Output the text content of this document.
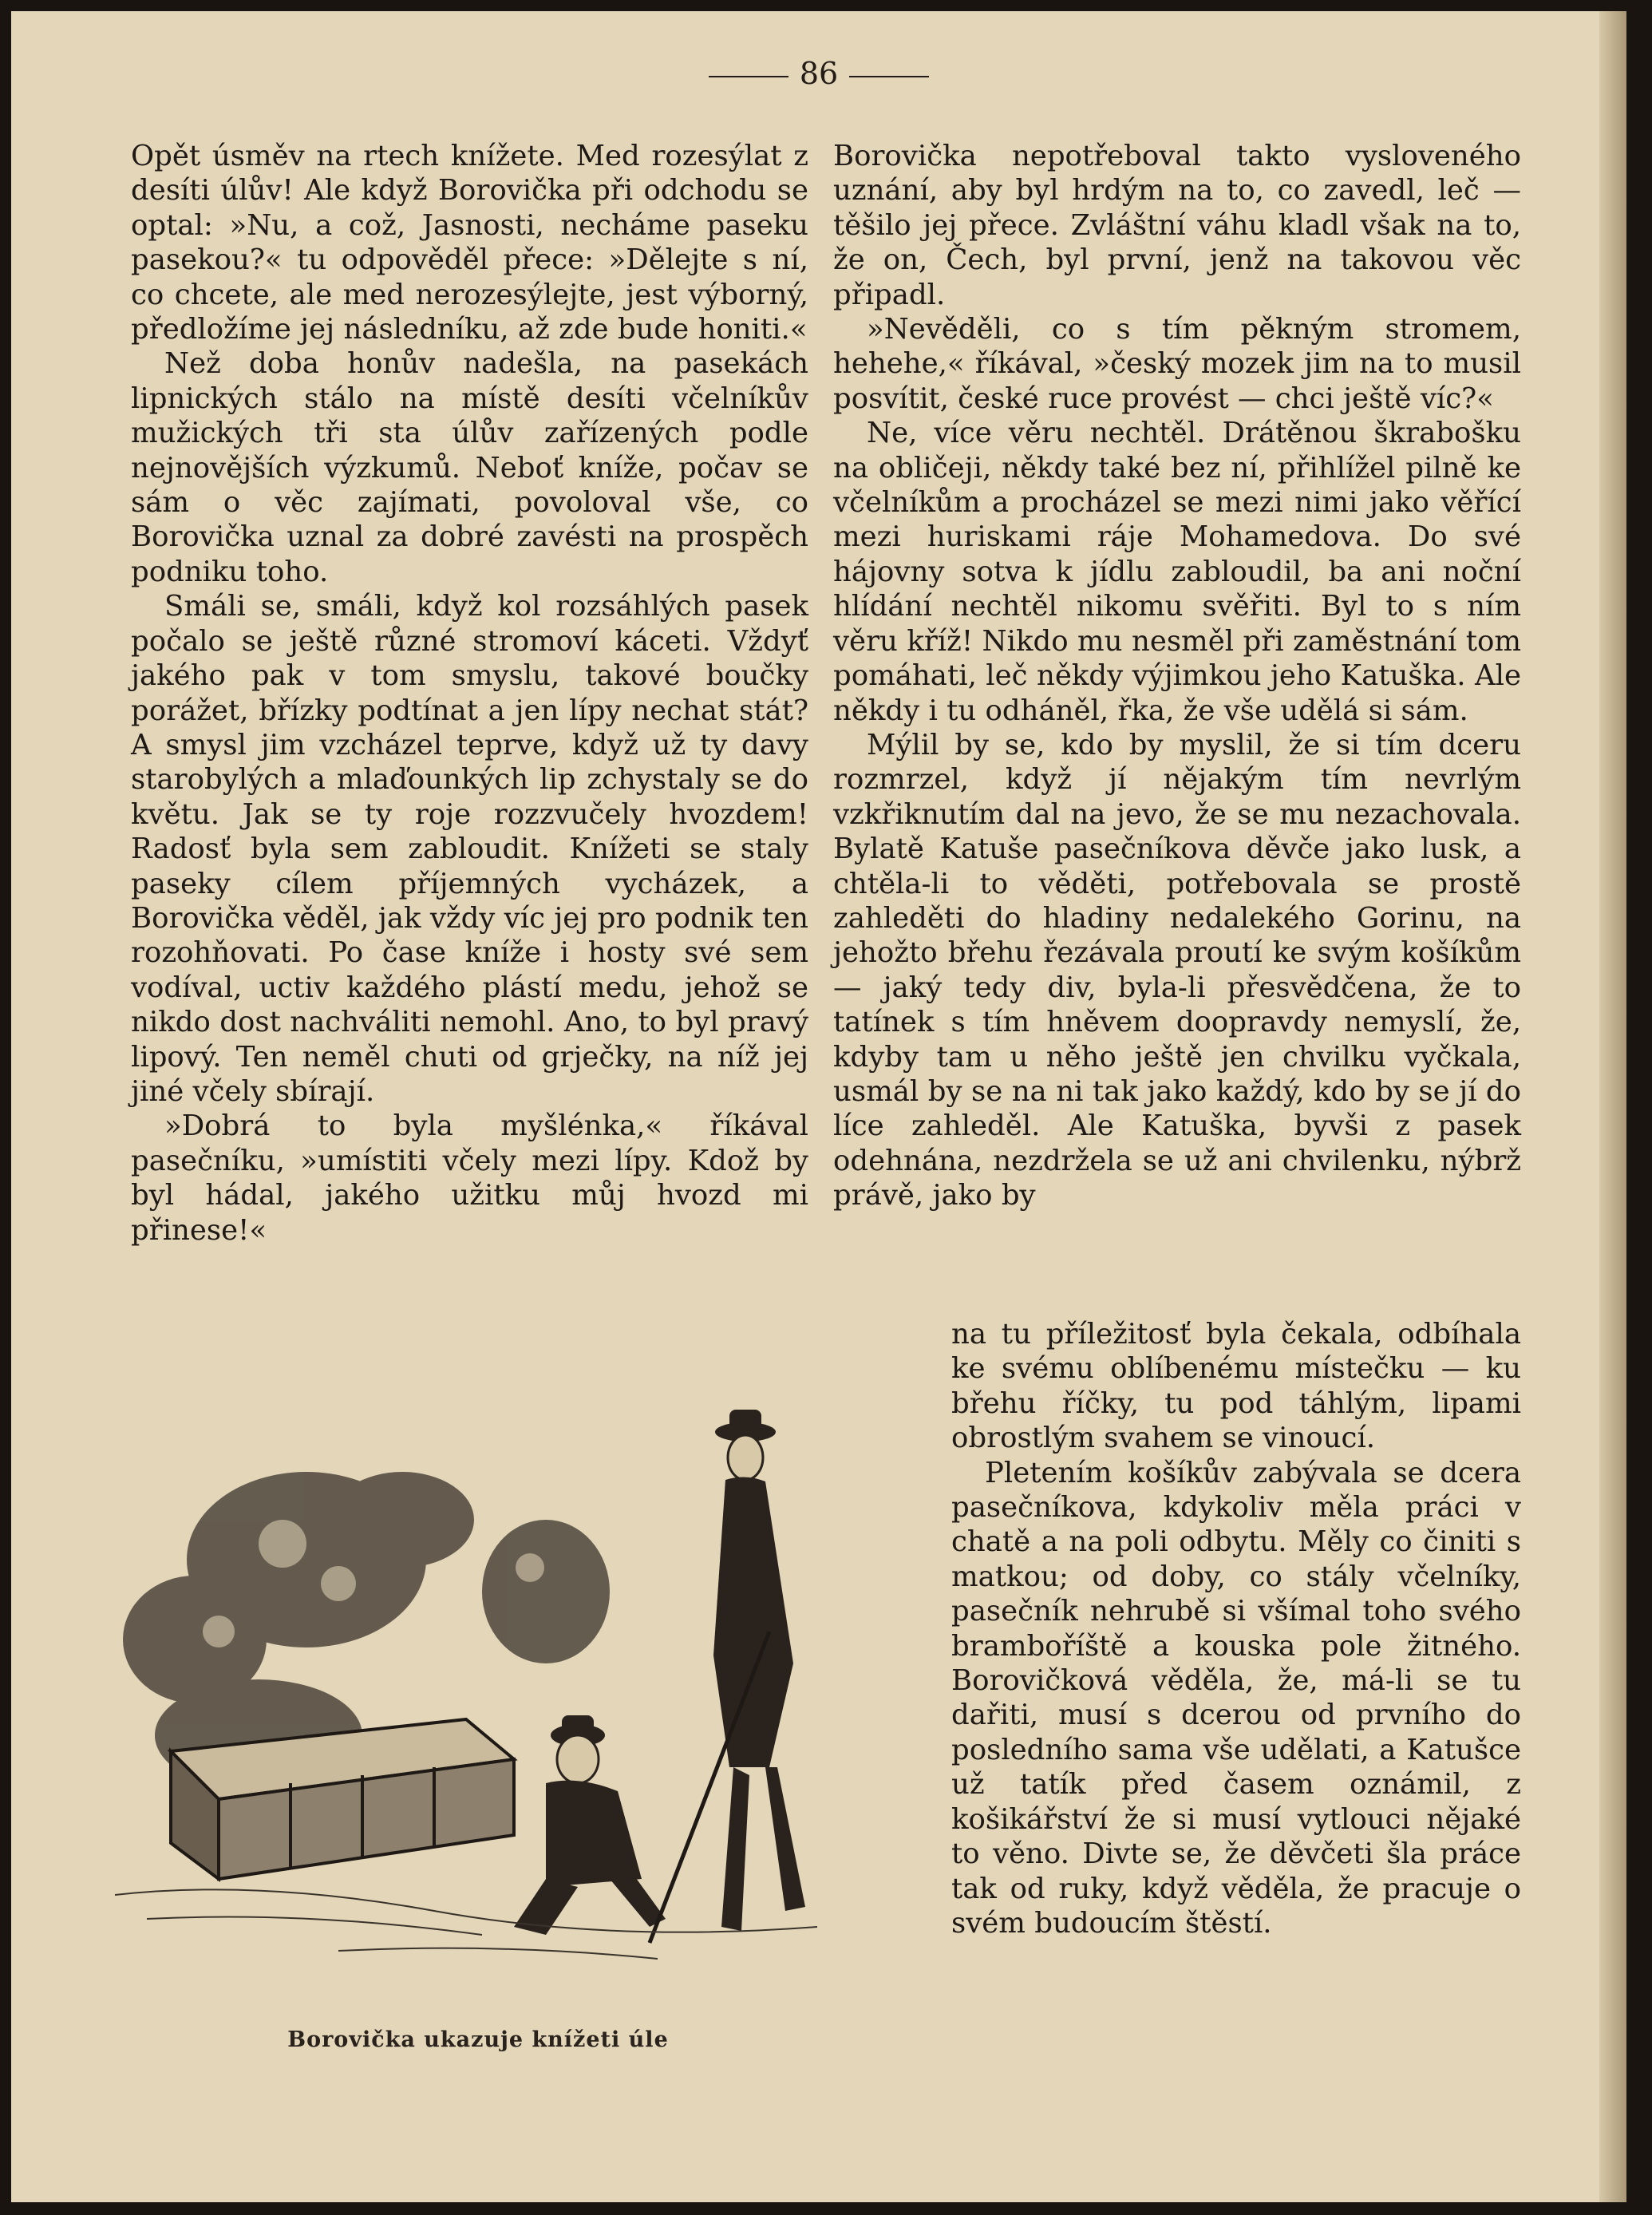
86

Opět úsměv na rtech knížete. Med rozesýlat z desíti úlův! Ale když Borovička při odchodu se optal: »Nu, a což, Jasnosti, necháme paseku pasekou?« tu odpověděl přece: »Dělejte s ní, co chcete, ale med nerozesýlejte, jest výborný, předložíme jej následníku, až zde bude honiti.«

Než doba honův nadešla, na pasekách lipnických stálo na místě desíti včelníkův mužických tři sta úlův zařízených podle nejnovějších výzkumů. Neboť kníže, počav se sám o věc zajímati, povoloval vše, co Borovička uznal za dobré zavésti na prospěch podniku toho.

Smáli se, smáli, když kol rozsáhlých pasek počalo se ještě různé stromoví káceti. Vždyť jakého pak v tom smyslu, takové boučky porážet, břízky podtínat a jen lípy nechat stát? A smysl jim vzcházel teprve, když už ty davy starobylých a mlaďounkých lip zchystaly se do květu. Jak se ty roje rozzvučely hvozdem! Radosť byla sem zabloudit. Knížeti se staly paseky cílem příjemných vycházek, a Borovička věděl, jak vždy víc jej pro podnik ten rozohňovati. Po čase kníže i hosty své sem vodíval, uctiv každého plástí medu, jehož se nikdo dost nachváliti nemohl. Ano, to byl pravý lipový. Ten neměl chuti od grječky, na níž jej jiné včely sbírají.

»Dobrá to byla myšlénka,« říkával pasečníku, »umístiti včely mezi lípy. Kdož by byl hádal, jakého užitku můj hvozd mi přinese!«

Borovička nepotřeboval takto vysloveného uznání, aby byl hrdým na to, co zavedl, leč — těšilo jej přece. Zvláštní váhu kladl však na to, že on, Čech, byl první, jenž na takovou věc připadl.

»Nevěděli, co s tím pěkným stromem, hehehe,« říkával, »český mozek jim na to musil posvítit, české ruce provést — chci ještě víc?«

Ne, více věru nechtěl. Drátěnou škrabošku na obličeji, někdy také bez ní, přihlížel pilně ke včelníkům a procházel se mezi nimi jako věřící mezi huriskami ráje Mohamedova. Do své hájovny sotva k jídlu zabloudil, ba ani noční hlídání nechtěl nikomu svěřiti. Byl to s ním věru kříž! Nikdo mu nesměl při zaměstnání tom pomáhati, leč někdy výjimkou jeho Katuška. Ale někdy i tu odháněl, řka, že vše udělá si sám.

Mýlil by se, kdo by myslil, že si tím dceru rozmrzel, když jí nějakým tím nevrlým vzkřiknutím dal na jevo, že se mu nezachovala. Bylatě Katuše pasečníkova děvče jako lusk, a chtěla-li to věděti, potřebovala se prostě zahleděti do hladiny nedalekého Gorinu, na jehožto břehu řezávala proutí ke svým košíkům — jaký tedy div, byla-li přesvědčena, že to tatínek s tím hněvem doopravdy nemyslí, že, kdyby tam u něho ještě jen chvilku vyčkala, usmál by se na ni tak jako každý, kdo by se jí do líce zahleděl. Ale Katuška, byvši z pasek odehnána, nezdržela se už ani chvilenku, nýbrž právě, jako by

na tu příležitosť byla čekala, odbíhala ke svému oblíbenému místečku — ku břehu říčky, tu pod táhlým, lipami obrostlým svahem se vinoucí.

Pletením košíkův zabývala se dcera pasečníkova, kdykoliv měla práci v chatě a na poli odbytu. Měly co činiti s matkou; od doby, co stály včelníky, pasečník nehrubě si všímal toho svého bramboříště a kouska pole žitného. Borovičková věděla, že, má-li se tu dařiti, musí s dcerou od prvního do posledního sama vše udělati, a Katušce už tatík před časem oznámil, z košikářství že si musí vytlouci nějaké to věno. Divte se, že děvčeti šla práce tak od ruky, když věděla, že pracuje o svém budoucím štěstí.

Borovička ukazuje knížeti úle
